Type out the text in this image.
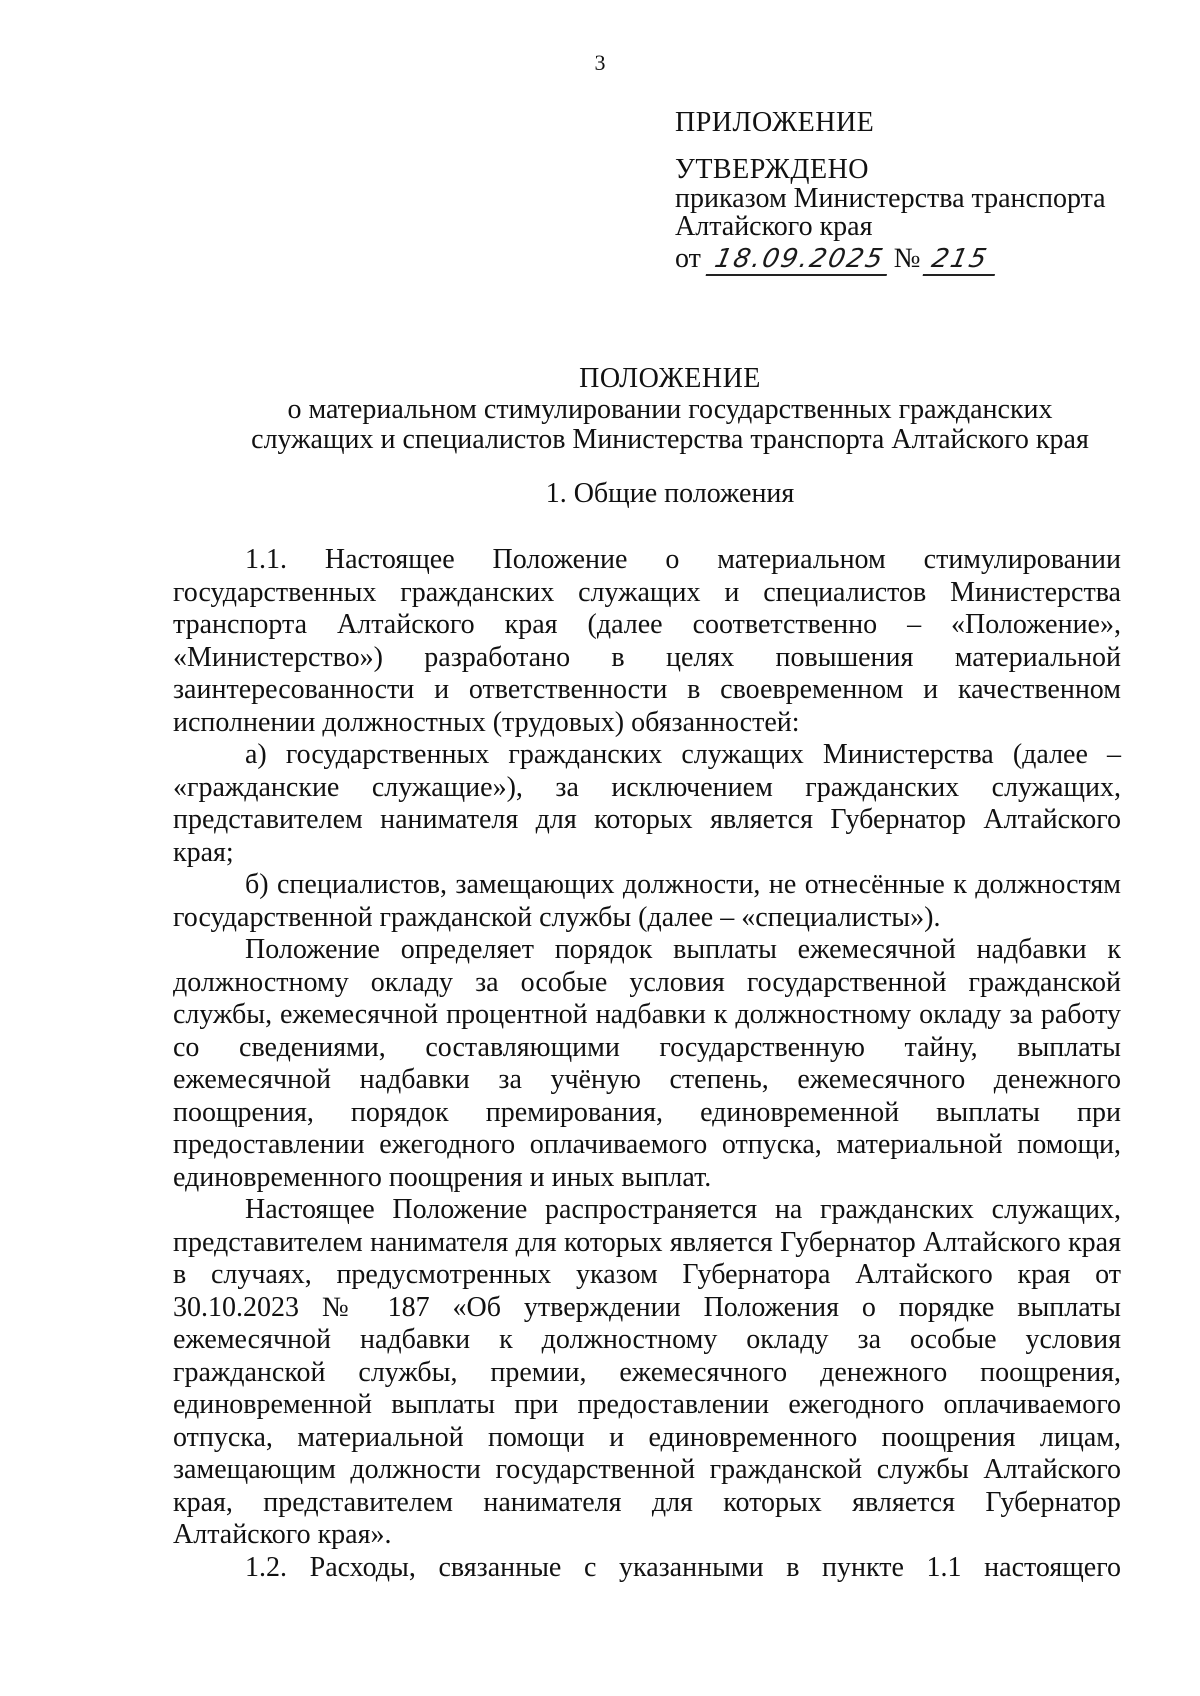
3

ПРИЛОЖЕНИЕ

УТВЕРЖДЕНО

приказом Министерства транспорта

Алтайского края

от 18.09.2025 № 215

ПОЛОЖЕНИЕ

о материальном стимулировании государственных гражданских

служащих и специалистов Министерства транспорта Алтайского края

1. Общие положения

1.1. Настоящее Положение о материальном стимулировании государственных гражданских служащих и специалистов Министерства транспорта Алтайского края (далее соответственно – «Положение», «Министерство») разработано в целях повышения материальной заинтересованности и ответственности в своевременном и качественном исполнении должностных (трудовых) обязанностей:

а) государственных гражданских служащих Министерства (далее – «гражданские служащие»), за исключением гражданских служащих, представителем нанимателя для которых является Губернатор Алтайского края;

б) специалистов, замещающих должности, не отнесённые к должностям государственной гражданской службы (далее – «специалисты»).

Положение определяет порядок выплаты ежемесячной надбавки к должностному окладу за особые условия государственной гражданской службы, ежемесячной процентной надбавки к должностному окладу за работу со сведениями, составляющими государственную тайну, выплаты ежемесячной надбавки за учёную степень, ежемесячного денежного поощрения, порядок премирования, единовременной выплаты при предоставлении ежегодного оплачиваемого отпуска, материальной помощи, единовременного поощрения и иных выплат.

Настоящее Положение распространяется на гражданских служащих, представителем нанимателя для которых является Губернатор Алтайского края в случаях, предусмотренных указом Губернатора Алтайского края от 30.10.2023 № 187 «Об утверждении Положения о порядке выплаты ежемесячной надбавки к должностному окладу за особые условия гражданской службы, премии, ежемесячного денежного поощрения, единовременной выплаты при предоставлении ежегодного оплачиваемого отпуска, материальной помощи и единовременного поощрения лицам, замещающим должности государственной гражданской службы Алтайского края, представителем нанимателя для которых является Губернатор Алтайского края».

1.2. Расходы, связанные с указанными в пункте 1.1 настоящего
